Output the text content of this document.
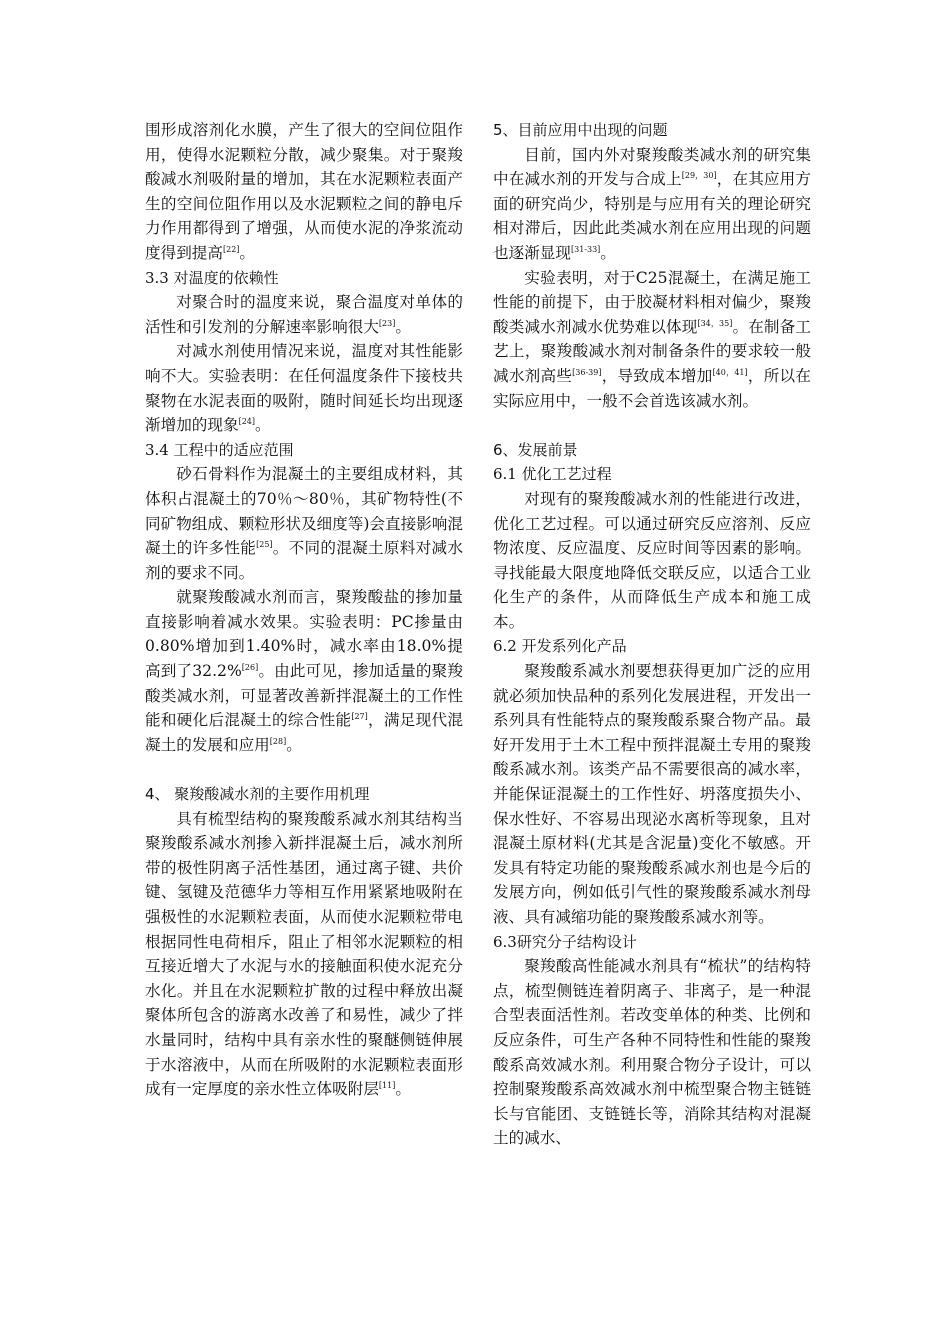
围形成溶剂化水膜，产生了很大的空间位阻作用，使得水泥颗粒分散，减少聚集。对于聚羧酸减水剂吸附量的增加，其在水泥颗粒表面产生的空间位阻作用以及水泥颗粒之间的静电斥力作用都得到了增强，从而使水泥的净浆流动度得到提高[22]。

3.3 对温度的依赖性

对聚合时的温度来说，聚合温度对单体的活性和引发剂的分解速率影响很大[23]。

对减水剂使用情况来说，温度对其性能影响不大。实验表明：在任何温度条件下接枝共聚物在水泥表面的吸附，随时间延长均出现逐渐增加的现象[24]。

3.4 工程中的适应范围

砂石骨料作为混凝土的主要组成材料，其体积占混凝土的70％～80％，其矿物特性(不同矿物组成、颗粒形状及细度等)会直接影响混凝土的许多性能[25]。不同的混凝土原料对减水剂的要求不同。

就聚羧酸减水剂而言，聚羧酸盐的掺加量直接影响着减水效果。实验表明：PC掺量由0.80%增加到1.40%时，减水率由18.0%提高到了32.2%[26]。由此可见，掺加适量的聚羧酸类减水剂，可显著改善新拌混凝土的工作性能和硬化后混凝土的综合性能[27]，满足现代混凝土的发展和应用[28]。

4、 聚羧酸减水剂的主要作用机理

具有梳型结构的聚羧酸系减水剂其结构当聚羧酸系减水剂掺入新拌混凝土后，减水剂所带的极性阴离子活性基团，通过离子键、共价键、氢键及范德华力等相互作用紧紧地吸附在强极性的水泥颗粒表面，从而使水泥颗粒带电根据同性电荷相斥，阻止了相邻水泥颗粒的相互接近增大了水泥与水的接触面积使水泥充分水化。并且在水泥颗粒扩散的过程中释放出凝聚体所包含的游离水改善了和易性，减少了拌水量同时，结构中具有亲水性的聚醚侧链伸展于水溶液中，从而在所吸附的水泥颗粒表面形成有一定厚度的亲水性立体吸附层[11]。

5、目前应用中出现的问题

目前，国内外对聚羧酸类减水剂的研究集中在减水剂的开发与合成上[29，30]，在其应用方面的研究尚少，特别是与应用有关的理论研究相对滞后，因此此类减水剂在应用出现的问题也逐渐显现[31-33]。

实验表明，对于C25混凝土，在满足施工性能的前提下，由于胶凝材料相对偏少，聚羧酸类减水剂减水优势难以体现[34，35]。在制备工艺上，聚羧酸减水剂对制备条件的要求较一般减水剂高些[36-39]，导致成本增加[40，41]，所以在实际应用中，一般不会首选该减水剂。

6、发展前景

6.1 优化工艺过程

对现有的聚羧酸减水剂的性能进行改进，优化工艺过程。可以通过研究反应溶剂、反应物浓度、反应温度、反应时间等因素的影响。寻找能最大限度地降低交联反应，以适合工业化生产的条件，从而降低生产成本和施工成本。

6.2 开发系列化产品

聚羧酸系减水剂要想获得更加广泛的应用就必须加快品种的系列化发展进程，开发出一系列具有性能特点的聚羧酸系聚合物产品。最好开发用于土木工程中预拌混凝土专用的聚羧酸系减水剂。该类产品不需要很高的减水率，并能保证混凝土的工作性好、坍落度损失小、保水性好、不容易出现泌水离析等现象，且对混凝土原材料(尤其是含泥量)变化不敏感。开发具有特定功能的聚羧酸系减水剂也是今后的发展方向，例如低引气性的聚羧酸系减水剂母液、具有减缩功能的聚羧酸系减水剂等。

6.3研究分子结构设计

聚羧酸高性能减水剂具有“梳状”的结构特点，梳型侧链连着阴离子、非离子，是一种混合型表面活性剂。若改变单体的种类、比例和反应条件，可生产各种不同特性和性能的聚羧酸系高效减水剂。利用聚合物分子设计，可以控制聚羧酸系高效减水剂中梳型聚合物主链链长与官能团、支链链长等，消除其结构对混凝土的减水、
